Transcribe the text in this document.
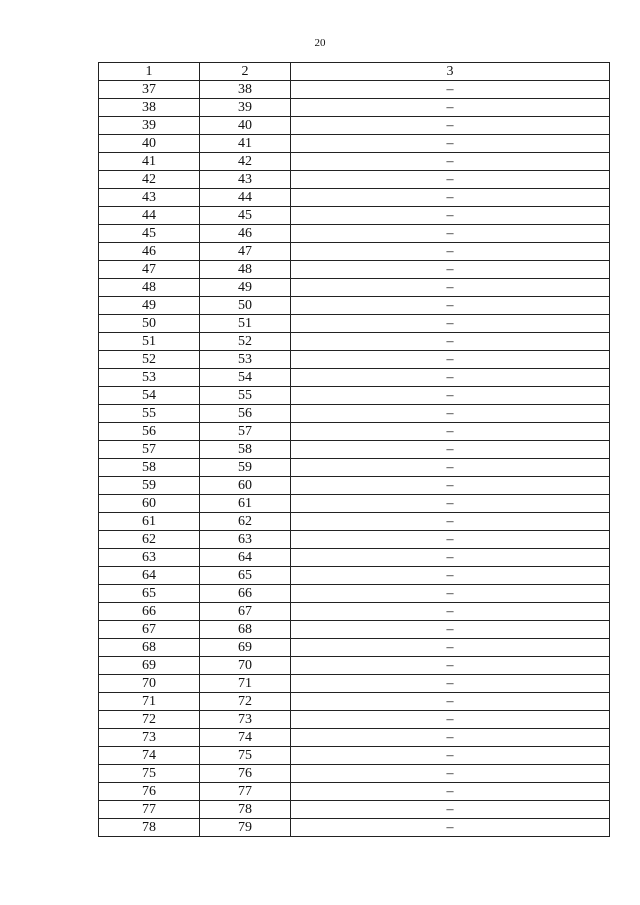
20
1	2	3
37	38	–
38	39	–
39	40	–
40	41	–
41	42	–
42	43	–
43	44	–
44	45	–
45	46	–
46	47	–
47	48	–
48	49	–
49	50	–
50	51	–
51	52	–
52	53	–
53	54	–
54	55	–
55	56	–
56	57	–
57	58	–
58	59	–
59	60	–
60	61	–
61	62	–
62	63	–
63	64	–
64	65	–
65	66	–
66	67	–
67	68	–
68	69	–
69	70	–
70	71	–
71	72	–
72	73	–
73	74	–
74	75	–
75	76	–
76	77	–
77	78	–
78	79	–
